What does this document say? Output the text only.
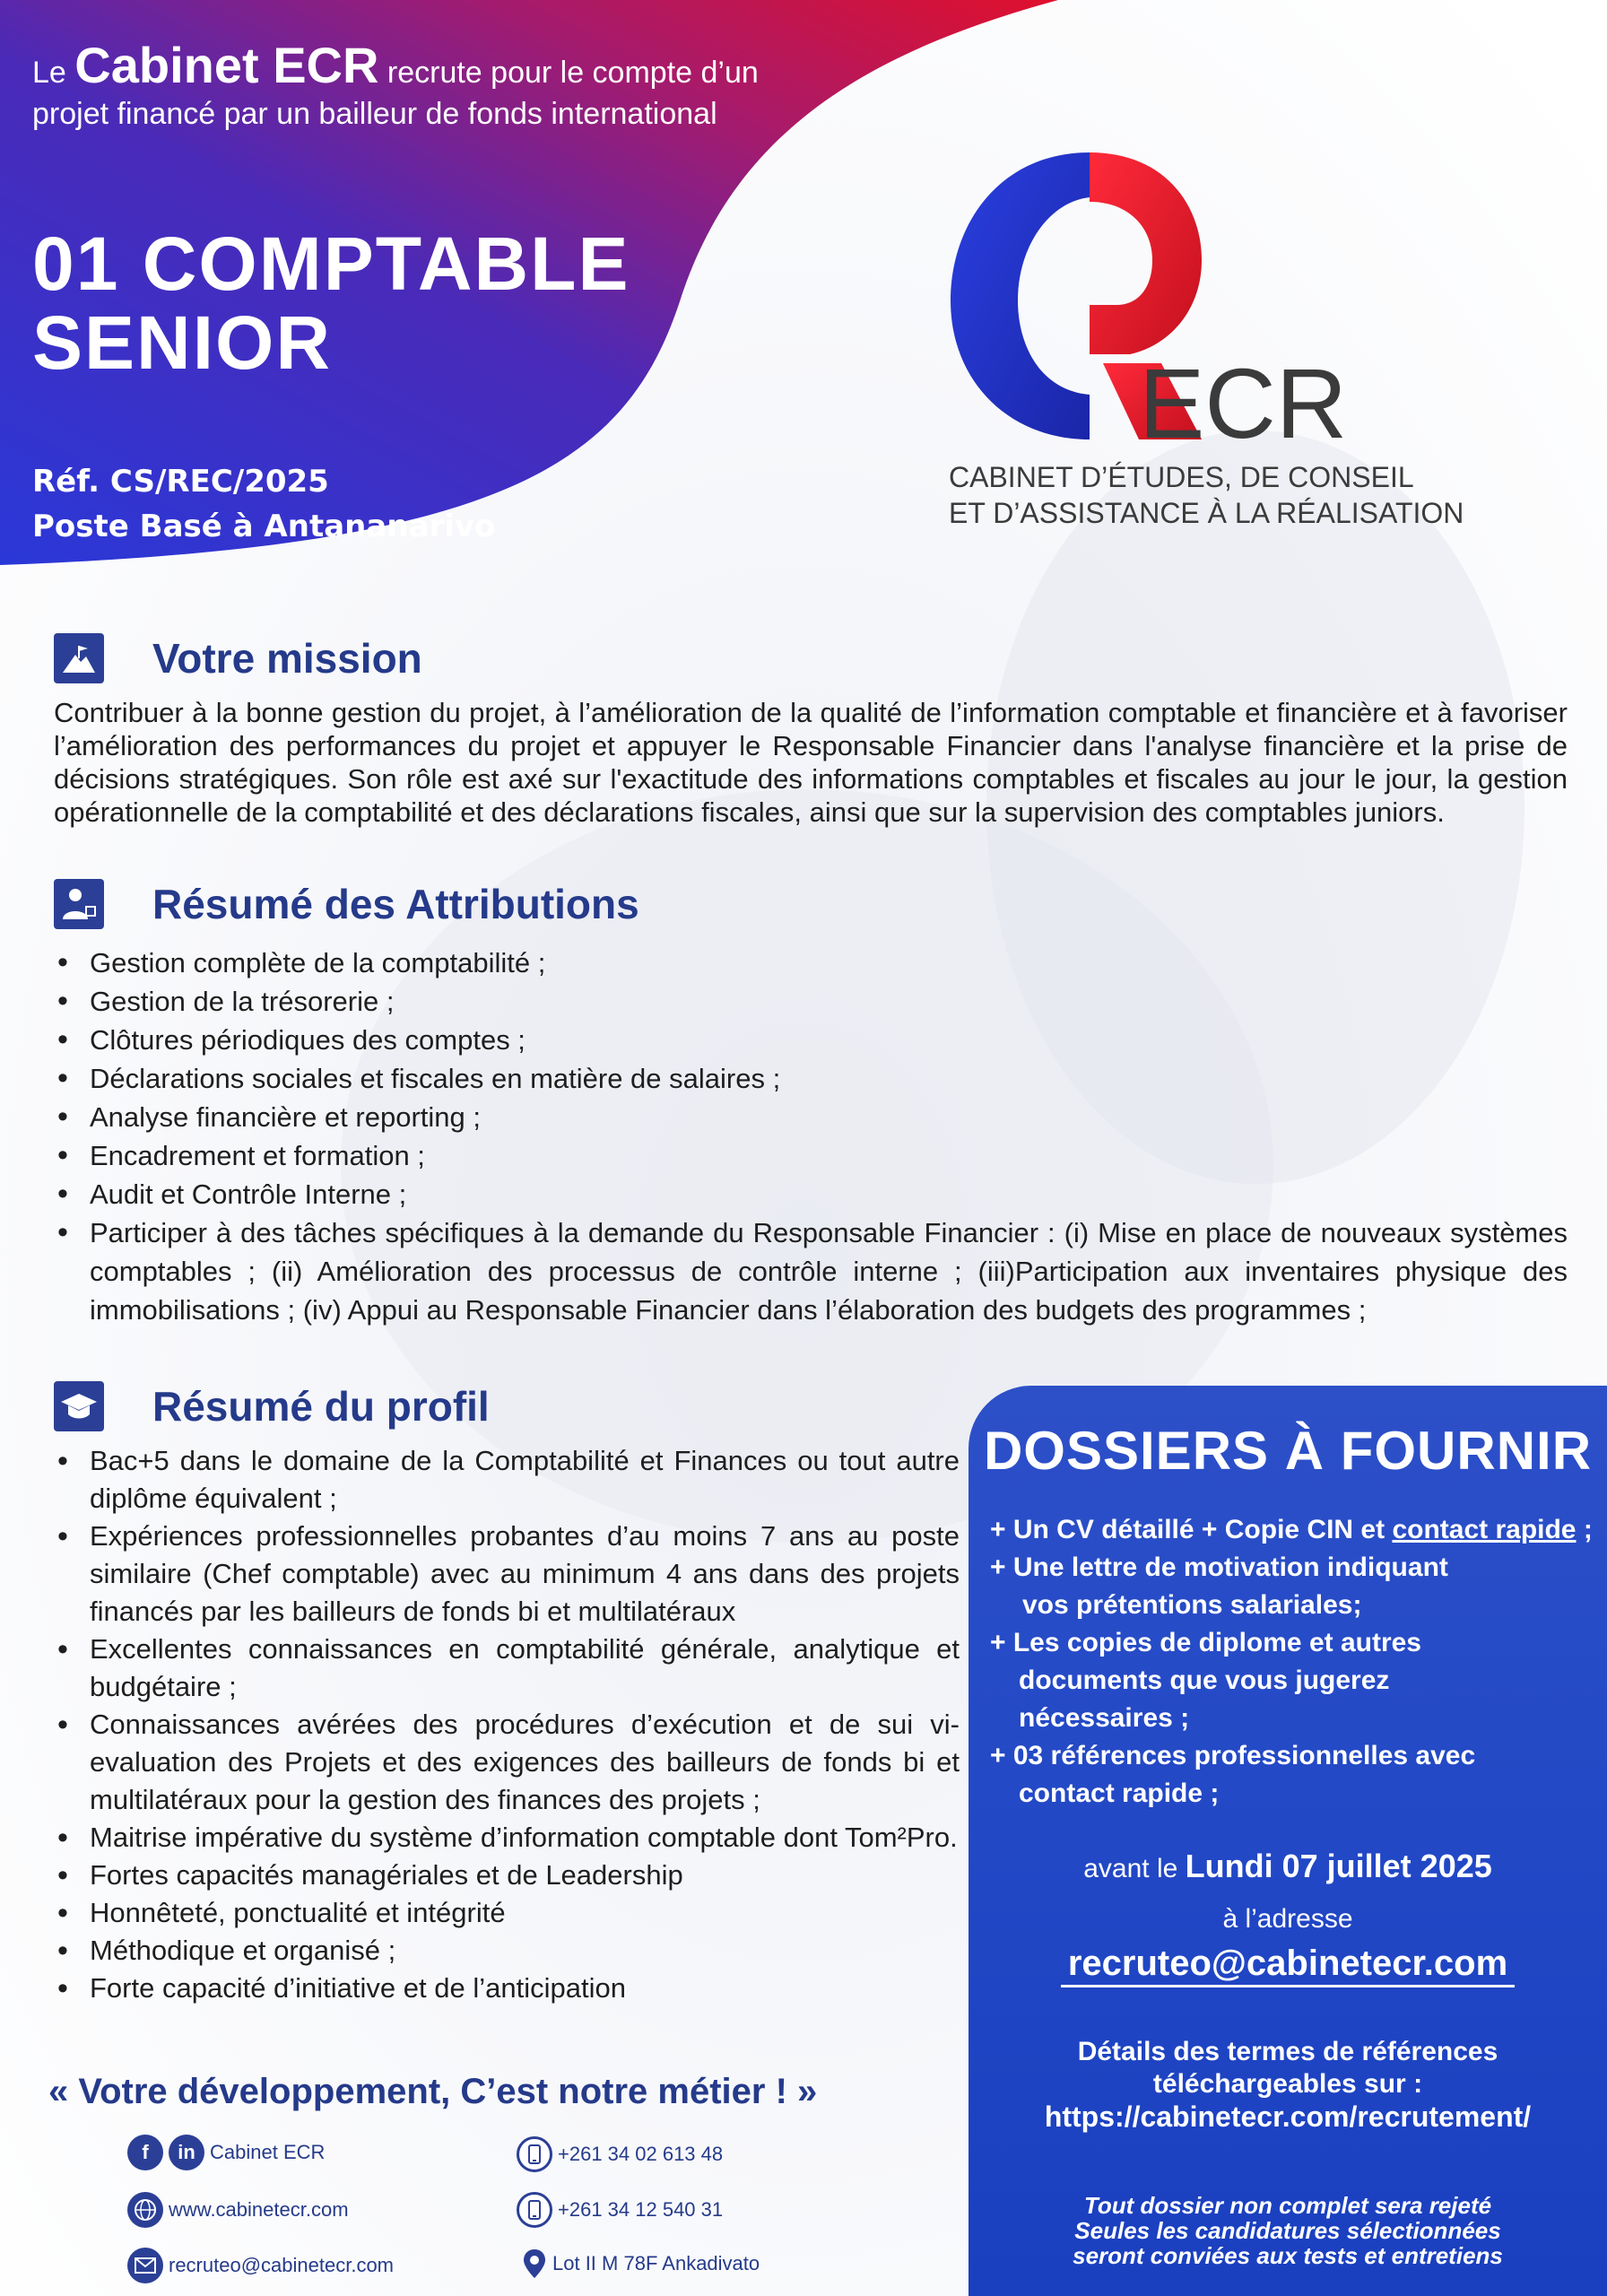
Le Cabinet ECR recrute pour le compte d’un
projet financé par un bailleur de fonds international
01 COMPTABLE
SENIOR
Réf. CS/REC/2025
Poste Basé à Antananarivo
ECR
CABINET D’ÉTUDES, DE CONSEIL
ET D’ASSISTANCE À LA RÉALISATION
Votre mission

Contribuer à la bonne gestion du projet, à l’amélioration de la qualité de l’information comptable et financière et à favoriser l’amélioration des performances du projet et appuyer le Responsable Financier dans l'analyse financière et la prise de décisions stratégiques. Son rôle est axé sur l'exactitude des informations comptables et fiscales au jour le jour, la gestion opérationnelle de la comptabilité et des déclarations fiscales, ainsi que sur la supervision des comptables juniors.

Résumé des Attributions
• Gestion complète de la comptabilité ;
• Gestion de la trésorerie ;
• Clôtures périodiques des comptes ;
• Déclarations sociales et fiscales en matière de salaires ;
• Analyse financière et reporting ;
• Encadrement et formation ;
• Audit et Contrôle Interne ;
• Participer à des tâches spécifiques à la demande du Responsable Financier : (i) Mise en place de nouveaux systèmes comptables ; (ii) Amélioration des processus de contrôle interne ; (iii)Participation aux inventaires physique des immobilisations ; (iv) Appui au Responsable Financier dans l’élaboration des budgets des programmes ;
Résumé du profil
• Bac+5 dans le domaine de la Comptabilité et Finances ou tout autre diplôme équivalent ;
• Expériences professionnelles probantes d’au moins 7 ans au poste similaire (Chef comptable) avec au minimum 4 ans dans des projets financés par les bailleurs de fonds bi et multilatéraux
• Excellentes connaissances en comptabilité générale, analytique et budgétaire ;
• Connaissances avérées des procédures d’exécution et de sui vi-evaluation des Projets et des exigences des bailleurs de fonds bi et multilatéraux pour la gestion des finances des projets ;
• Maitrise impérative du système d’information comptable dont Tom²Pro.
• Fortes capacités managériales et de Leadership
• Honnêteté, ponctualité et intégrité
• Méthodique et organisé ;
• Forte capacité d’initiative et de l’anticipation
« Votre développement, C’est notre métier ! »
f	in Cabinet ECR
www.cabinetecr.com
recruteo@cabinetecr.com
+261 34 02 613 48
+261 34 12 540 31
Lot II M 78F Ankadivato
DOSSIERS À FOURNIR
+ Un CV détaillé + Copie CIN et contact rapide ;
+ Une lettre de motivation indiquant
vos prétentions salariales;
+ Les copies de diplome et autres
documents que vous jugerez
nécessaires ;
+ 03 références professionnelles avec
contact rapide ;
avant le Lundi 07 juillet 2025
à l’adresse
recruteo@cabinetecr.com
Détails des termes de références
téléchargeables sur :
https://cabinetecr.com/recrutement/
Tout dossier non complet sera rejeté
Seules les candidatures sélectionnées
seront conviées aux tests et entretiens
